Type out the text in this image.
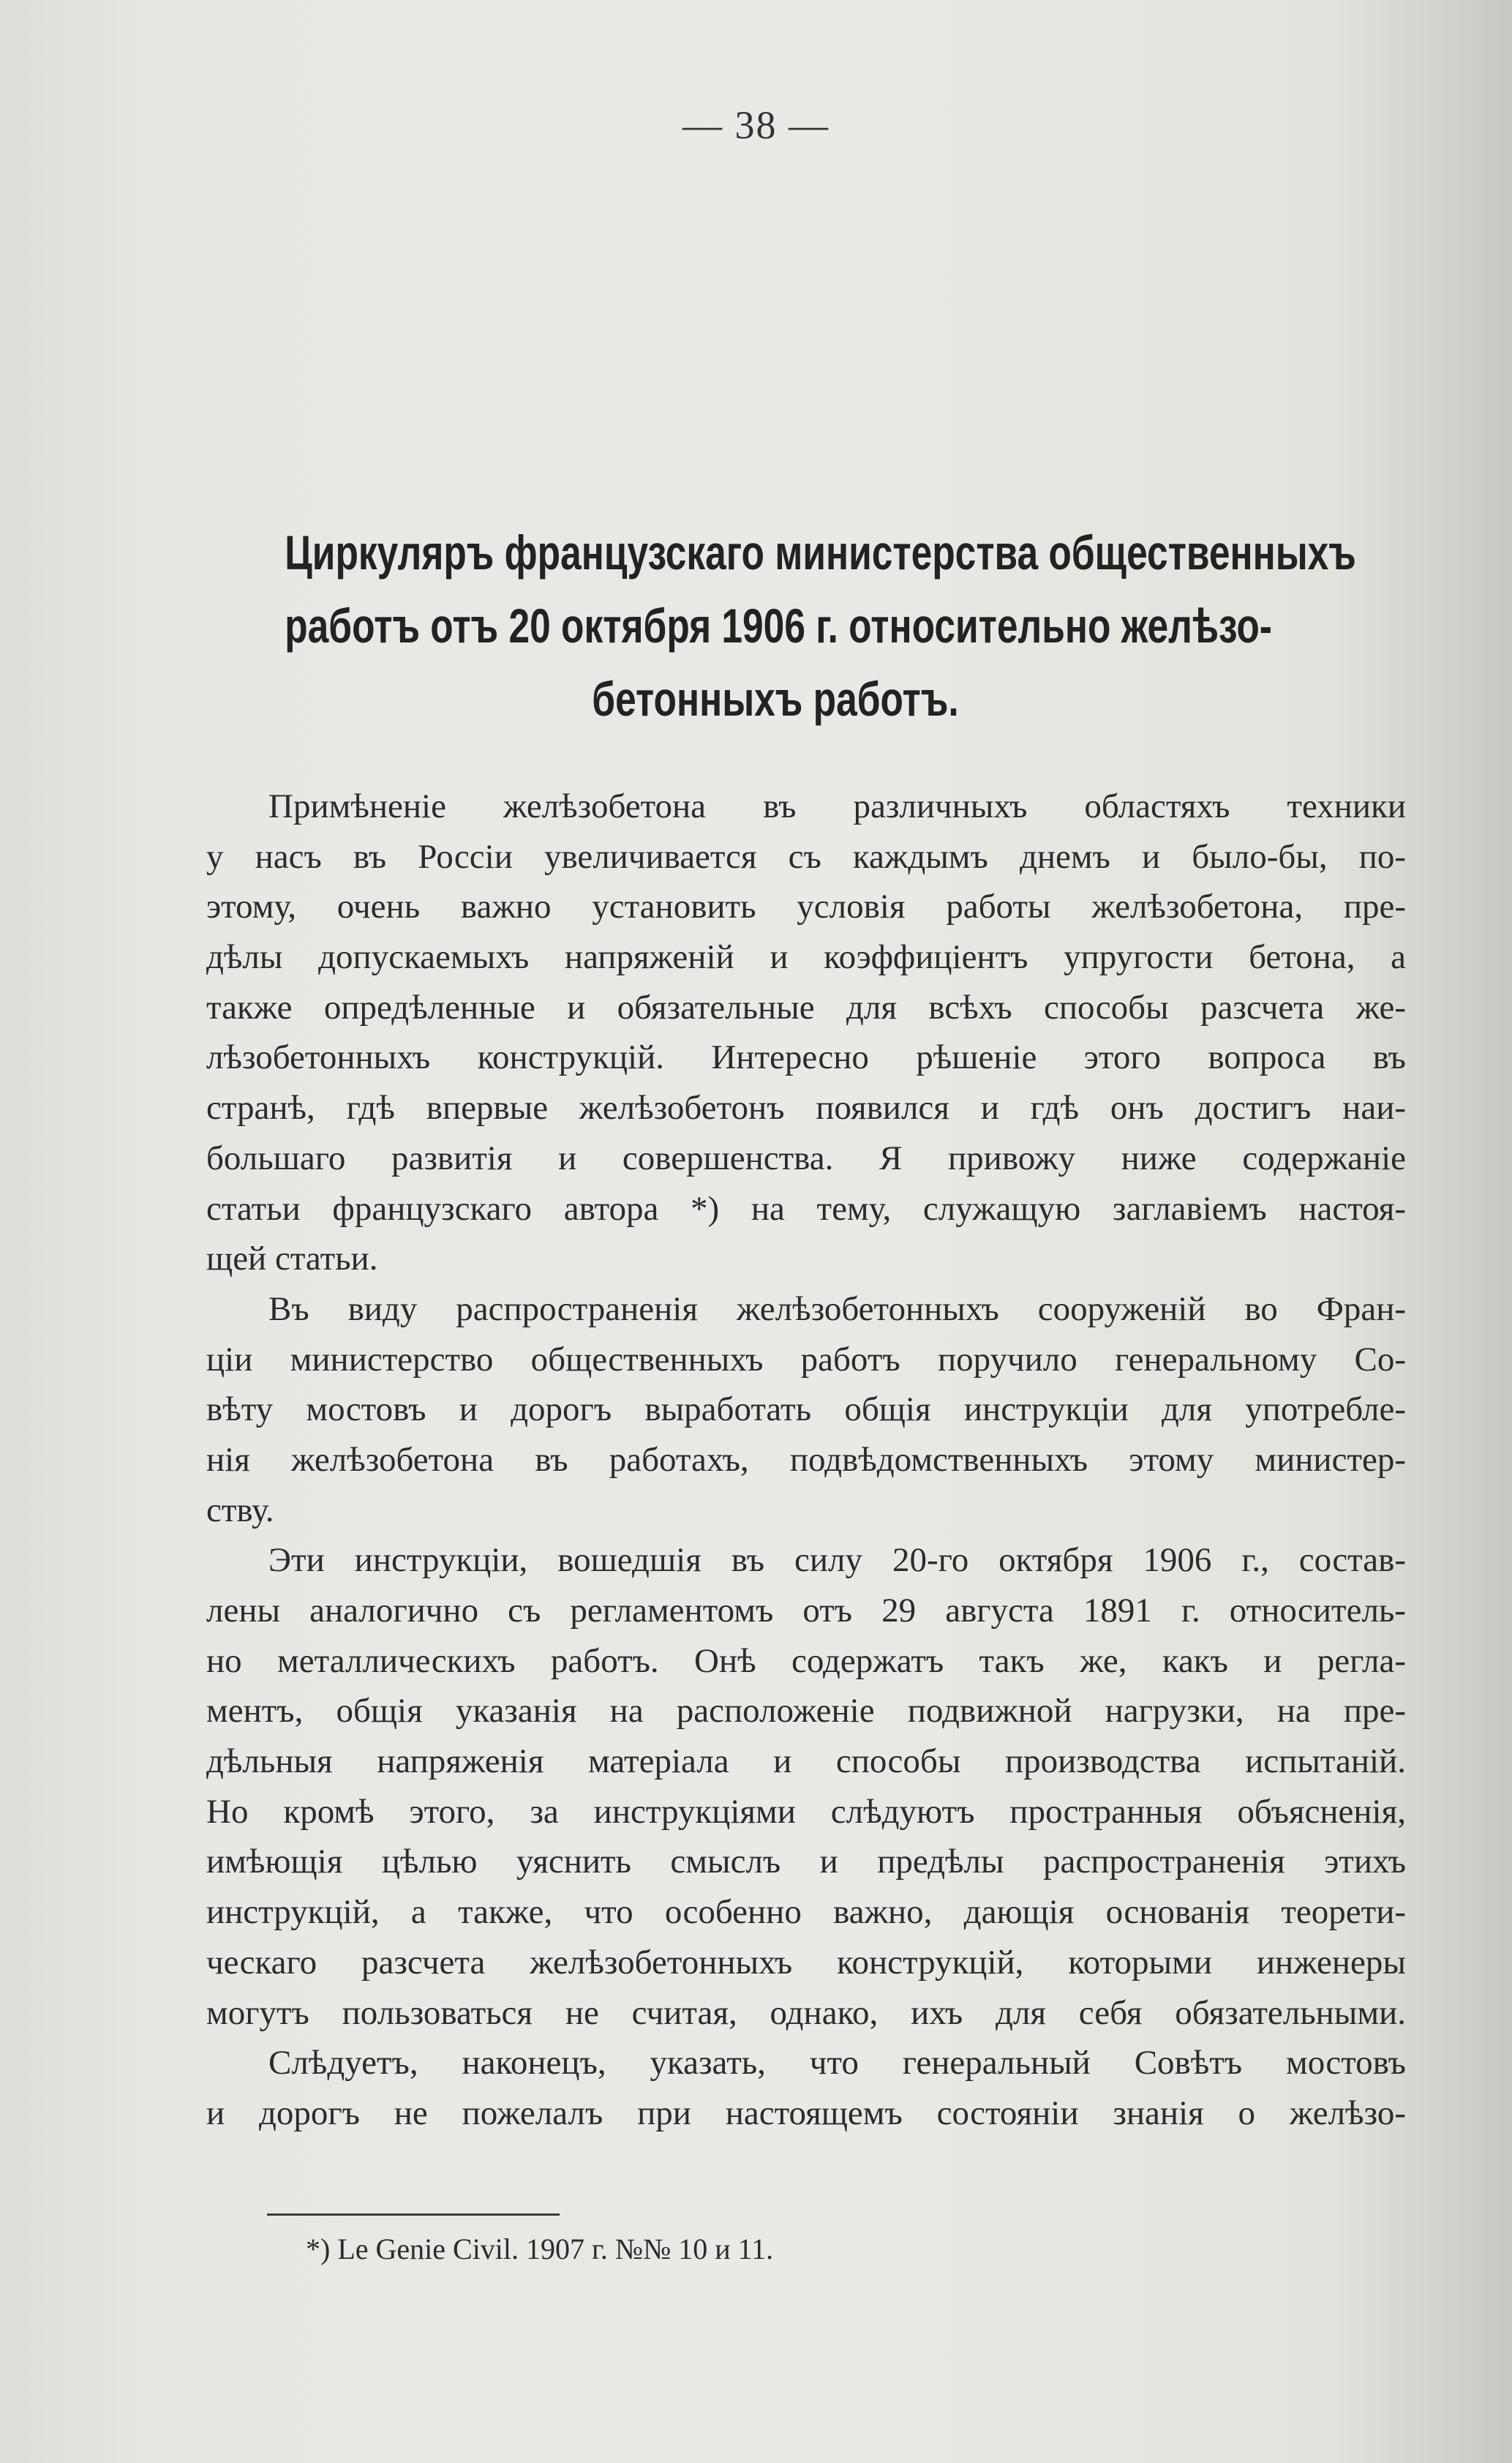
— 38 —
Циркуляръ французскаго министерства общественныхъ
работъ отъ 20 октября 1906 г. относительно желѣзо-
бетонныхъ работъ.
Примѣненіе желѣзобетона въ различныхъ областяхъ техники
у насъ въ Россіи увеличивается съ каждымъ днемъ и было-бы, по-
этому, очень важно установить условія работы желѣзобетона, пре-
дѣлы допускаемыхъ напряженій и коэффиціентъ упругости бетона, а
также опредѣленные и обязательные для всѣхъ способы разсчета же-
лѣзобетонныхъ конструкцій. Интересно рѣшеніе этого вопроса въ
странѣ, гдѣ впервые желѣзобетонъ появился и гдѣ онъ достигъ наи-
большаго развитія и совершенства. Я привожу ниже содержаніе
статьи французскаго автора *) на тему, служащую заглавіемъ настоя-
щей статьи.
Въ виду распространенія желѣзобетонныхъ сооруженій во Фран-
ціи министерство общественныхъ работъ поручило генеральному Со-
вѣту мостовъ и дорогъ выработать общія инструкціи для употребле-
нія желѣзобетона въ работахъ, подвѣдомственныхъ этому министер-
ству.
Эти инструкціи, вошедшія въ силу 20-го октября 1906 г., состав-
лены аналогично съ регламентомъ отъ 29 августа 1891 г. относитель-
но металлическихъ работъ. Онѣ содержатъ такъ же, какъ и регла-
ментъ, общія указанія на расположеніе подвижной нагрузки, на пре-
дѣльныя напряженія матеріала и способы производства испытаній.
Но кромѣ этого, за инструкціями слѣдуютъ пространныя объясненія,
имѣющія цѣлью уяснить смыслъ и предѣлы распространенія этихъ
инструкцій, а также, что особенно важно, дающія основанія теорети-
ческаго разсчета желѣзобетонныхъ конструкцій, которыми инженеры
могутъ пользоваться не считая, однако, ихъ для себя обязательными.
Слѣдуетъ, наконецъ, указать, что генеральный Совѣтъ мостовъ
и дорогъ не пожелалъ при настоящемъ состояніи знанія о желѣзо-
*) Le Genie Civil. 1907 г. №№ 10 и 11.
